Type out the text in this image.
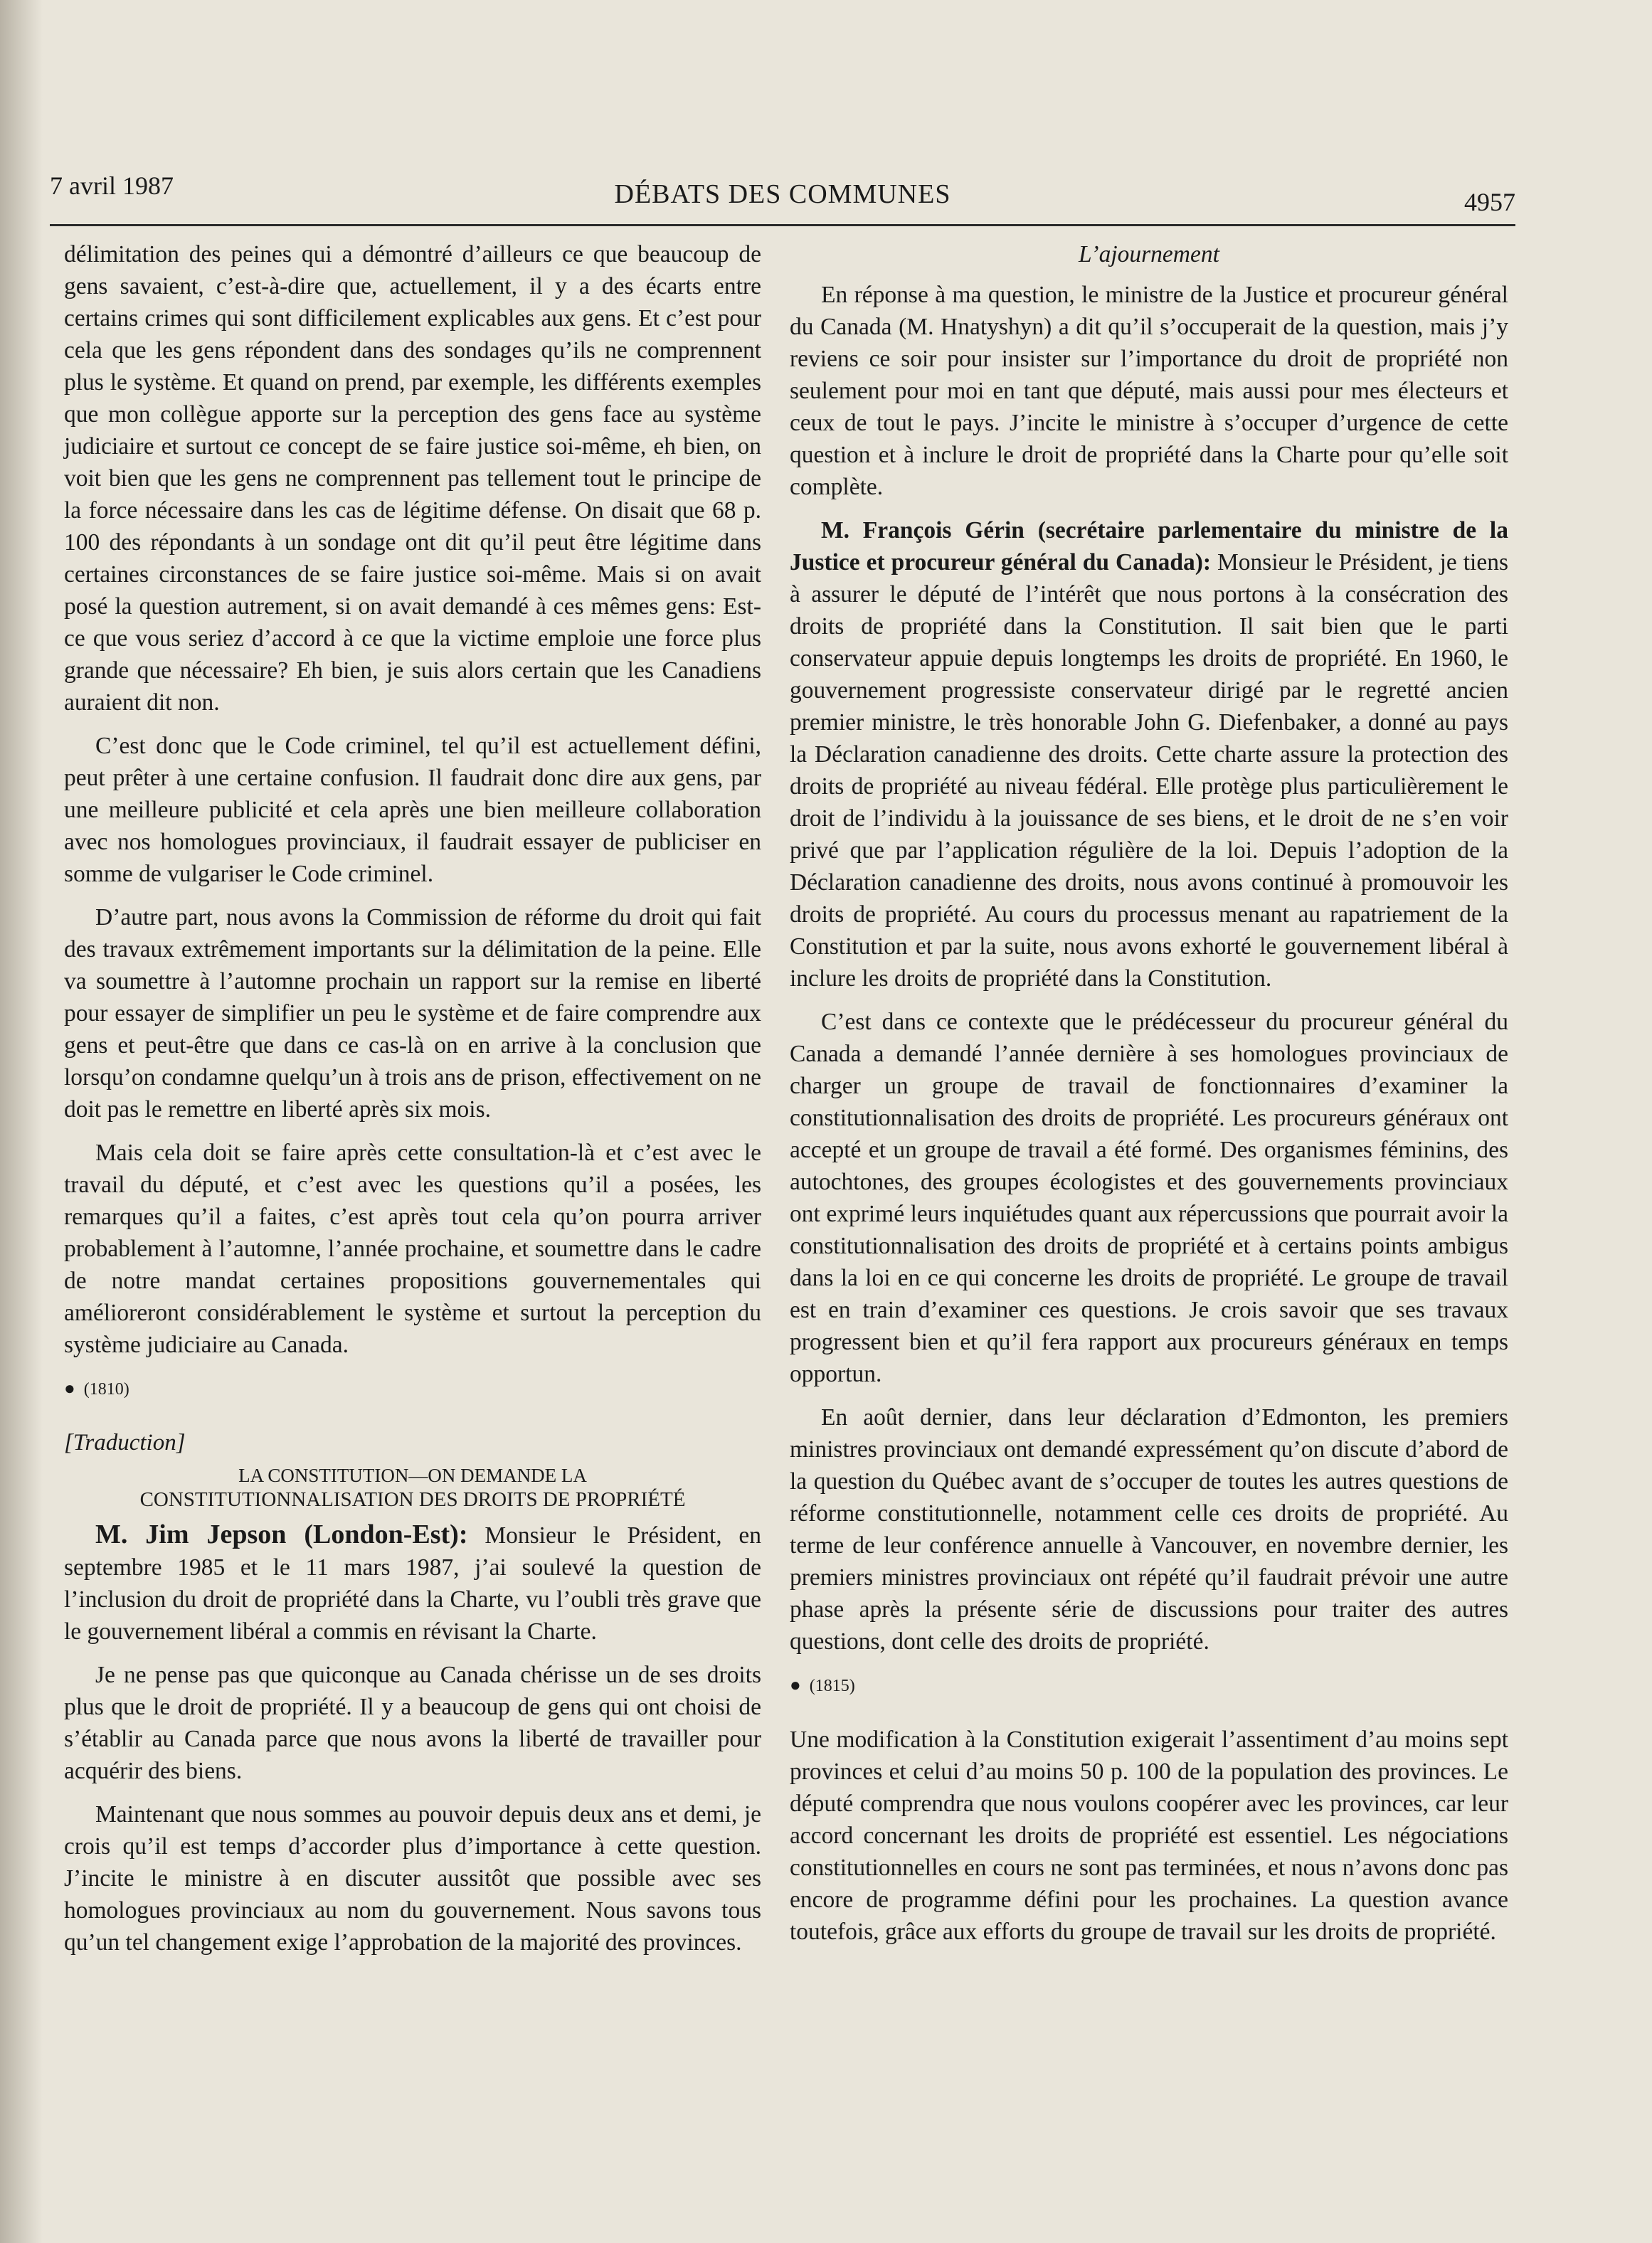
7 avril 1987	DÉBATS DES COMMUNES	4957

délimitation des peines qui a démontré d’ailleurs ce que beaucoup de gens savaient, c’est-à-dire que, actuellement, il y a des écarts entre certains crimes qui sont difficilement explicables aux gens. Et c’est pour cela que les gens répondent dans des sondages qu’ils ne comprennent plus le système. Et quand on prend, par exemple, les différents exemples que mon collègue apporte sur la perception des gens face au système judiciaire et surtout ce concept de se faire justice soi-même, eh bien, on voit bien que les gens ne comprennent pas tellement tout le principe de la force nécessaire dans les cas de légitime défense. On disait que 68 p. 100 des répondants à un sondage ont dit qu’il peut être légitime dans certaines circonstances de se faire justice soi-même. Mais si on avait posé la question autrement, si on avait demandé à ces mêmes gens: Est-ce que vous seriez d’accord à ce que la victime emploie une force plus grande que nécessaire? Eh bien, je suis alors certain que les Canadiens auraient dit non.

C’est donc que le Code criminel, tel qu’il est actuellement défini, peut prêter à une certaine confusion. Il faudrait donc dire aux gens, par une meilleure publicité et cela après une bien meilleure collaboration avec nos homologues provinciaux, il faudrait essayer de publiciser en somme de vulgariser le Code criminel.

D’autre part, nous avons la Commission de réforme du droit qui fait des travaux extrêmement importants sur la délimitation de la peine. Elle va soumettre à l’automne prochain un rapport sur la remise en liberté pour essayer de simplifier un peu le système et de faire comprendre aux gens et peut-être que dans ce cas-là on en arrive à la conclusion que lorsqu’on condamne quelqu’un à trois ans de prison, effectivement on ne doit pas le remettre en liberté après six mois.

Mais cela doit se faire après cette consultation-là et c’est avec le travail du député, et c’est avec les questions qu’il a posées, les remarques qu’il a faites, c’est après tout cela qu’on pourra arriver probablement à l’automne, l’année prochaine, et soumettre dans le cadre de notre mandat certaines propositions gouvernementales qui amélioreront considérablement le système et surtout la perception du système judiciaire au Canada.

● (1810)
[Traduction]
LA CONSTITUTION—ON DEMANDE LA
CONSTITUTIONNALISATION DES DROITS DE PROPRIÉTÉ

M. Jim Jepson (London-Est): Monsieur le Président, en septembre 1985 et le 11 mars 1987, j’ai soulevé la question de l’inclusion du droit de propriété dans la Charte, vu l’oubli très grave que le gouvernement libéral a commis en révisant la Charte.

Je ne pense pas que quiconque au Canada chérisse un de ses droits plus que le droit de propriété. Il y a beaucoup de gens qui ont choisi de s’établir au Canada parce que nous avons la liberté de travailler pour acquérir des biens.

Maintenant que nous sommes au pouvoir depuis deux ans et demi, je crois qu’il est temps d’accorder plus d’importance à cette question. J’incite le ministre à en discuter aussitôt que possible avec ses homologues provinciaux au nom du gouvernement. Nous savons tous qu’un tel changement exige l’approbation de la majorité des provinces.

L’ajournement

En réponse à ma question, le ministre de la Justice et procureur général du Canada (M. Hnatyshyn) a dit qu’il s’occuperait de la question, mais j’y reviens ce soir pour insister sur l’importance du droit de propriété non seulement pour moi en tant que député, mais aussi pour mes électeurs et ceux de tout le pays. J’incite le ministre à s’occuper d’urgence de cette question et à inclure le droit de propriété dans la Charte pour qu’elle soit complète.

M. François Gérin (secrétaire parlementaire du ministre de la Justice et procureur général du Canada): Monsieur le Président, je tiens à assurer le député de l’intérêt que nous portons à la consécration des droits de propriété dans la Constitution. Il sait bien que le parti conservateur appuie depuis longtemps les droits de propriété. En 1960, le gouvernement progressiste conservateur dirigé par le regretté ancien premier ministre, le très honorable John G. Diefenbaker, a donné au pays la Déclaration canadienne des droits. Cette charte assure la protection des droits de propriété au niveau fédéral. Elle protège plus particulièrement le droit de l’individu à la jouissance de ses biens, et le droit de ne s’en voir privé que par l’application régulière de la loi. Depuis l’adoption de la Déclaration canadienne des droits, nous avons continué à promouvoir les droits de propriété. Au cours du processus menant au rapatriement de la Constitution et par la suite, nous avons exhorté le gouvernement libéral à inclure les droits de propriété dans la Constitution.

C’est dans ce contexte que le prédécesseur du procureur général du Canada a demandé l’année dernière à ses homologues provinciaux de charger un groupe de travail de fonctionnaires d’examiner la constitutionnalisation des droits de propriété. Les procureurs généraux ont accepté et un groupe de travail a été formé. Des organismes féminins, des autochtones, des groupes écologistes et des gouvernements provinciaux ont exprimé leurs inquiétudes quant aux répercussions que pourrait avoir la constitutionnalisation des droits de propriété et à certains points ambigus dans la loi en ce qui concerne les droits de propriété. Le groupe de travail est en train d’examiner ces questions. Je crois savoir que ses travaux progressent bien et qu’il fera rapport aux procureurs généraux en temps opportun.

En août dernier, dans leur déclaration d’Edmonton, les premiers ministres provinciaux ont demandé expressément qu’on discute d’abord de la question du Québec avant de s’occuper de toutes les autres questions de réforme constitutionnelle, notamment celle ces droits de propriété. Au terme de leur conférence annuelle à Vancouver, en novembre dernier, les premiers ministres provinciaux ont répété qu’il faudrait prévoir une autre phase après la présente série de discussions pour traiter des autres questions, dont celle des droits de propriété.

● (1815)

Une modification à la Constitution exigerait l’assentiment d’au moins sept provinces et celui d’au moins 50 p. 100 de la population des provinces. Le député comprendra que nous voulons coopérer avec les provinces, car leur accord concernant les droits de propriété est essentiel. Les négociations constitutionnelles en cours ne sont pas terminées, et nous n’avons donc pas encore de programme défini pour les prochaines. La question avance toutefois, grâce aux efforts du groupe de travail sur les droits de propriété.
